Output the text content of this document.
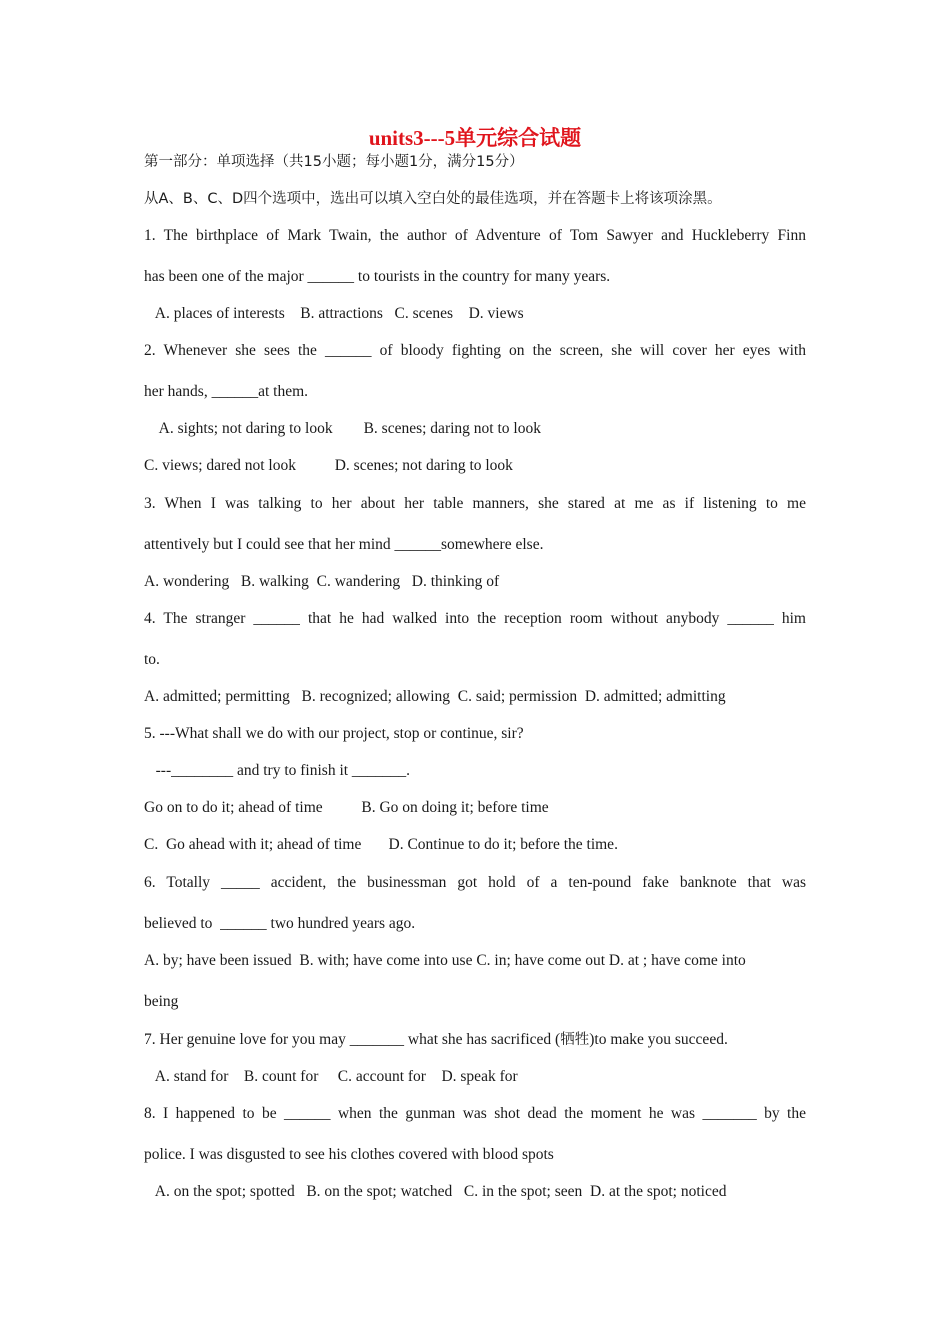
units3---5单元综合试题

第一部分：单项选择（共15小题；每小题1分，满分15分）

从A、B、C、D四个选项中，选出可以填入空白处的最佳选项，并在答题卡上将该项涂黑。

1. The birthplace of Mark Twain, the author of Adventure of Tom Sawyer and Huckleberry Finn

has been one of the major ______ to tourists in the country for many years.

A. places of interests    B. attractions   C. scenes    D. views

2. Whenever she sees the ______ of bloody fighting on the screen, she will cover her eyes with

her hands, ______at them.

A. sights; not daring to look        B. scenes; daring not to look

C. views; dared not look          D. scenes; not daring to look

3. When I was talking to her about her table manners, she stared at me as if listening to me

attentively but I could see that her mind ______somewhere else.

A. wondering   B. walking  C. wandering   D. thinking of

4. The stranger ______ that he had walked into the reception room without anybody ______ him

to.

A. admitted; permitting   B. recognized; allowing  C. said; permission  D. admitted; admitting

5. ---What shall we do with our project, stop or continue, sir?

---________ and try to finish it _______.

Go on to do it; ahead of time          B. Go on doing it; before time

C.  Go ahead with it; ahead of time       D. Continue to do it; before the time.

6. Totally _____ accident, the businessman got hold of a ten-pound fake banknote that was

believed to  ______ two hundred years ago.

A. by; have been issued  B. with; have come into use C. in; have come out D. at ; have come into

being

7. Her genuine love for you may _______ what she has sacrificed (牺牲)to make you succeed.

A. stand for    B. count for     C. account for    D. speak for

8. I happened to be ______ when the gunman was shot dead the moment he was _______ by the

police. I was disgusted to see his clothes covered with blood spots

A. on the spot; spotted   B. on the spot; watched   C. in the spot; seen  D. at the spot; noticed
